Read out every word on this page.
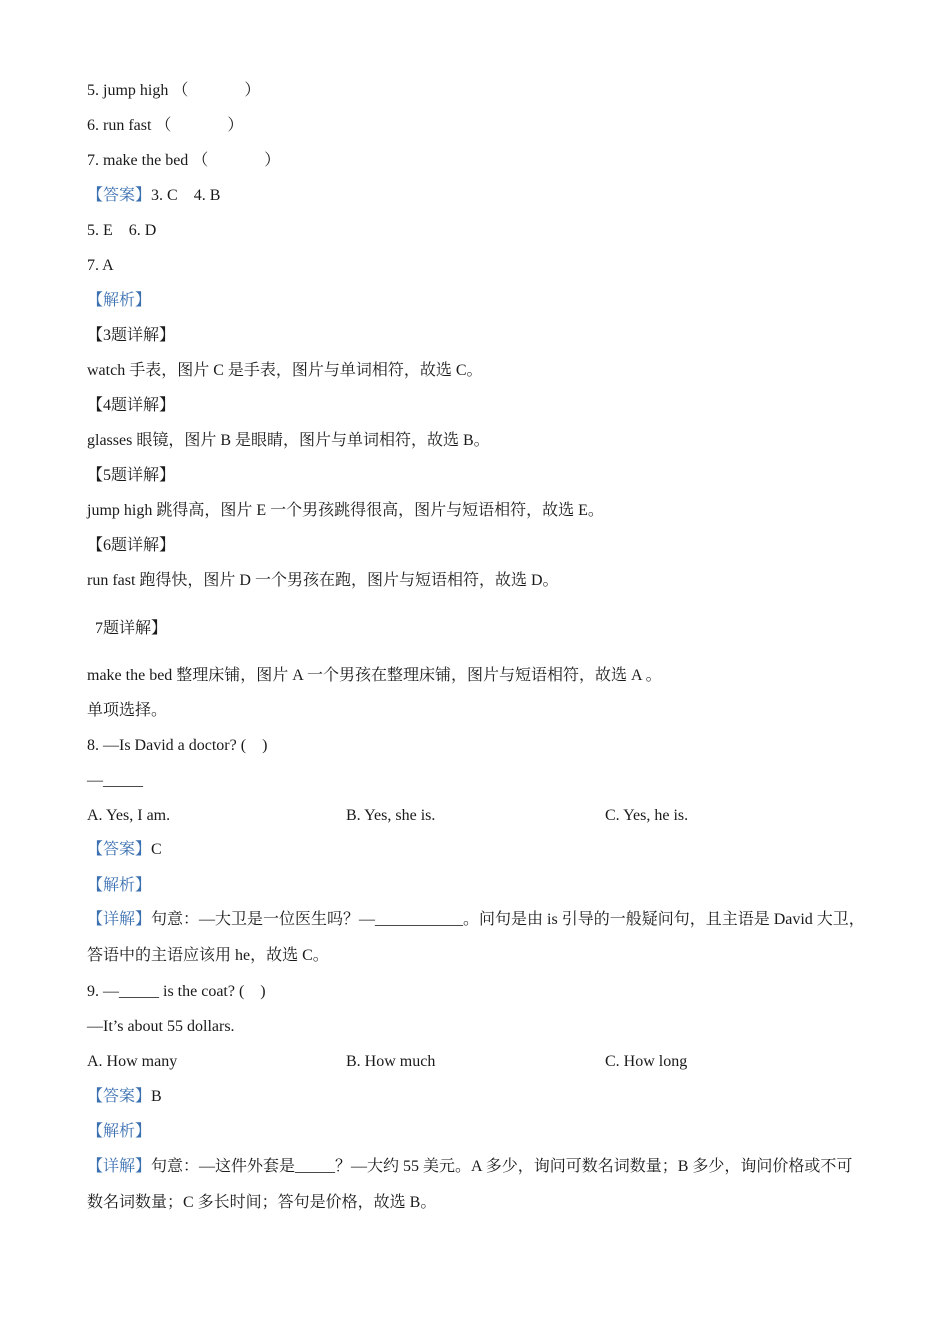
5. jump high （              ）
6. run fast （              ）
7. make the bed （              ）
【答案】3. C    4. B
5. E    6. D
7. A
【解析】
【3题详解】
watch 手表，图片 C 是手表，图片与单词相符，故选 C。
【4题详解】
glasses 眼镜，图片 B 是眼睛，图片与单词相符，故选 B。
【5题详解】
jump high 跳得高，图片 E 一个男孩跳得很高，图片与短语相符，故选 E。
【6题详解】
run fast 跑得快，图片 D 一个男孩在跑，图片与短语相符，故选 D。
7题详解】
make the bed 整理床铺，图片 A 一个男孩在整理床铺，图片与短语相符，故选 A 。
单项选择。
8. —Is David a doctor? (    )
—_____
A. Yes, I am.	B. Yes, she is.	C. Yes, he is.
【答案】C
【解析】
【详解】句意：—大卫是一位医生吗？—___________。问句是由 is 引导的一般疑问句，且主语是 David 大卫，答语中的主语应该用 he，故选 C。
9. —_____ is the coat? (    )
—It’s about 55 dollars.
A. How many	B. How much	C. How long
【答案】B
【解析】
【详解】句意：—这件外套是_____？—大约 55 美元。A 多少，询问可数名词数量；B 多少，询问价格或不可数名词数量；C 多长时间；答句是价格，故选 B。
